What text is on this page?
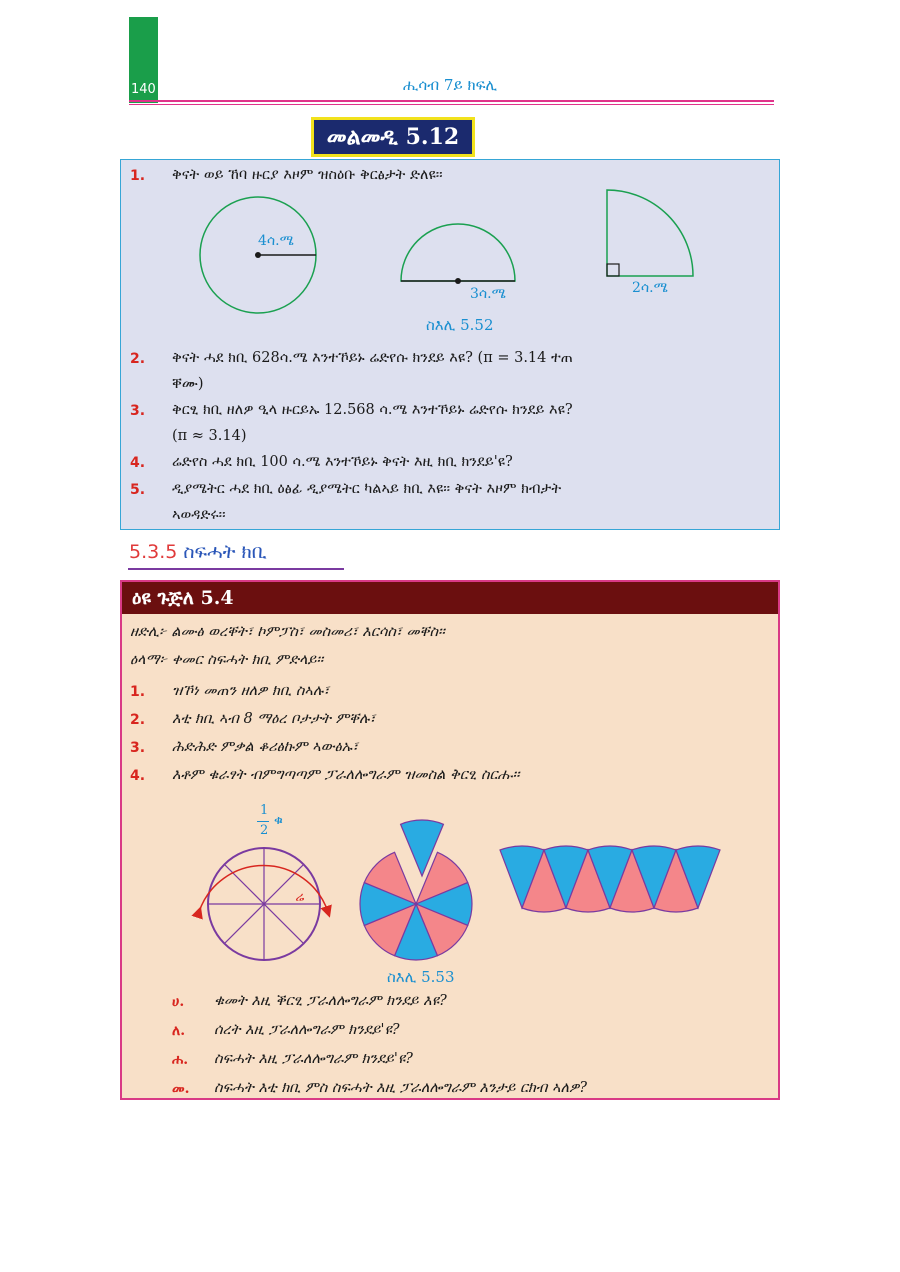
140	ሒሳብ 7ይ ክፍሊ
መልመዲ 5.12
1. ቅናት ወይ ኸባ ዙርያ እዞም ዝስዕቡ ቅርፅታት ድለዩ፡፡
4ሳ.ሜ
3ሳ.ሜ	2ሳ.ሜ
ስእሊ 5.52
2. ቅናት ሓደ ክቢ 628ሳ.ሜ እንተኾይኑ ሬድየሱ ክንደይ እዩ? (π = 3.14 ተጠ
ቐሙ)
3. ቅርፂ ክቢ ዘለዎ ዒላ ዙርይኡ 12.568 ሳ.ሜ እንተኾይኑ ሬድየሱ ክንደይ እዩ?
(π ≈ 3.14)
4. ሬድየስ ሓደ ክቢ 100 ሳ.ሜ እንተኾይኑ ቅናት እዚ ክቢ ክንደይ'ዩ?
5. ዲያሜትር ሓደ ክቢ ዕፅፊ ዲያሜትር ካልኣይ ክቢ እዩ፡፡ ቅናት እዞም ክብታት
ኣወዳድሩ፡፡
5.3.5 ስፍሓት ክቢ
ዕዩ ጉጅለ 5.4
ዘድሊ፦ ልሙፅ ወረቐት፣ ኮምፓስ፣ መስመሪ፣ እርሳስ፣ መቐስ፡፡
ዕላማ፦ ቀመር ስፍሓት ክቢ ምድላይ፡፡
1. ዝኾነ መጠን ዘለዎ ክቢ ስኣሉ፣
2. እቲ ክቢ ኣብ 8 ማዕረ ቦታታት ምቐሉ፣
3. ሕድሕድ ምቃል ቆሪፅኩም ኣውፅኡ፣
4. እቶም ቁራፃት ብምግጣጣም ፓራለሎግራም ዝመስል ቅርፂ ስርሑ፡፡
1
2
ቁ
ሬ
ስእሊ 5.53
ሀ. ቁመት እዚ ቕርፂ ፓራለሎግራም ክንደይ እዩ?
ለ. ሰረት እዚ ፓራለሎግራም ክንደይ'ዩ?
ሐ. ስፍሓት እዚ ፓራለሎግራም ክንደይ'ዩ?
መ. ስፍሓት እቲ ክቢ ምስ ስፍሓት እዚ ፓራለሎግራም እንታይ ርክብ ኣለዎ?
